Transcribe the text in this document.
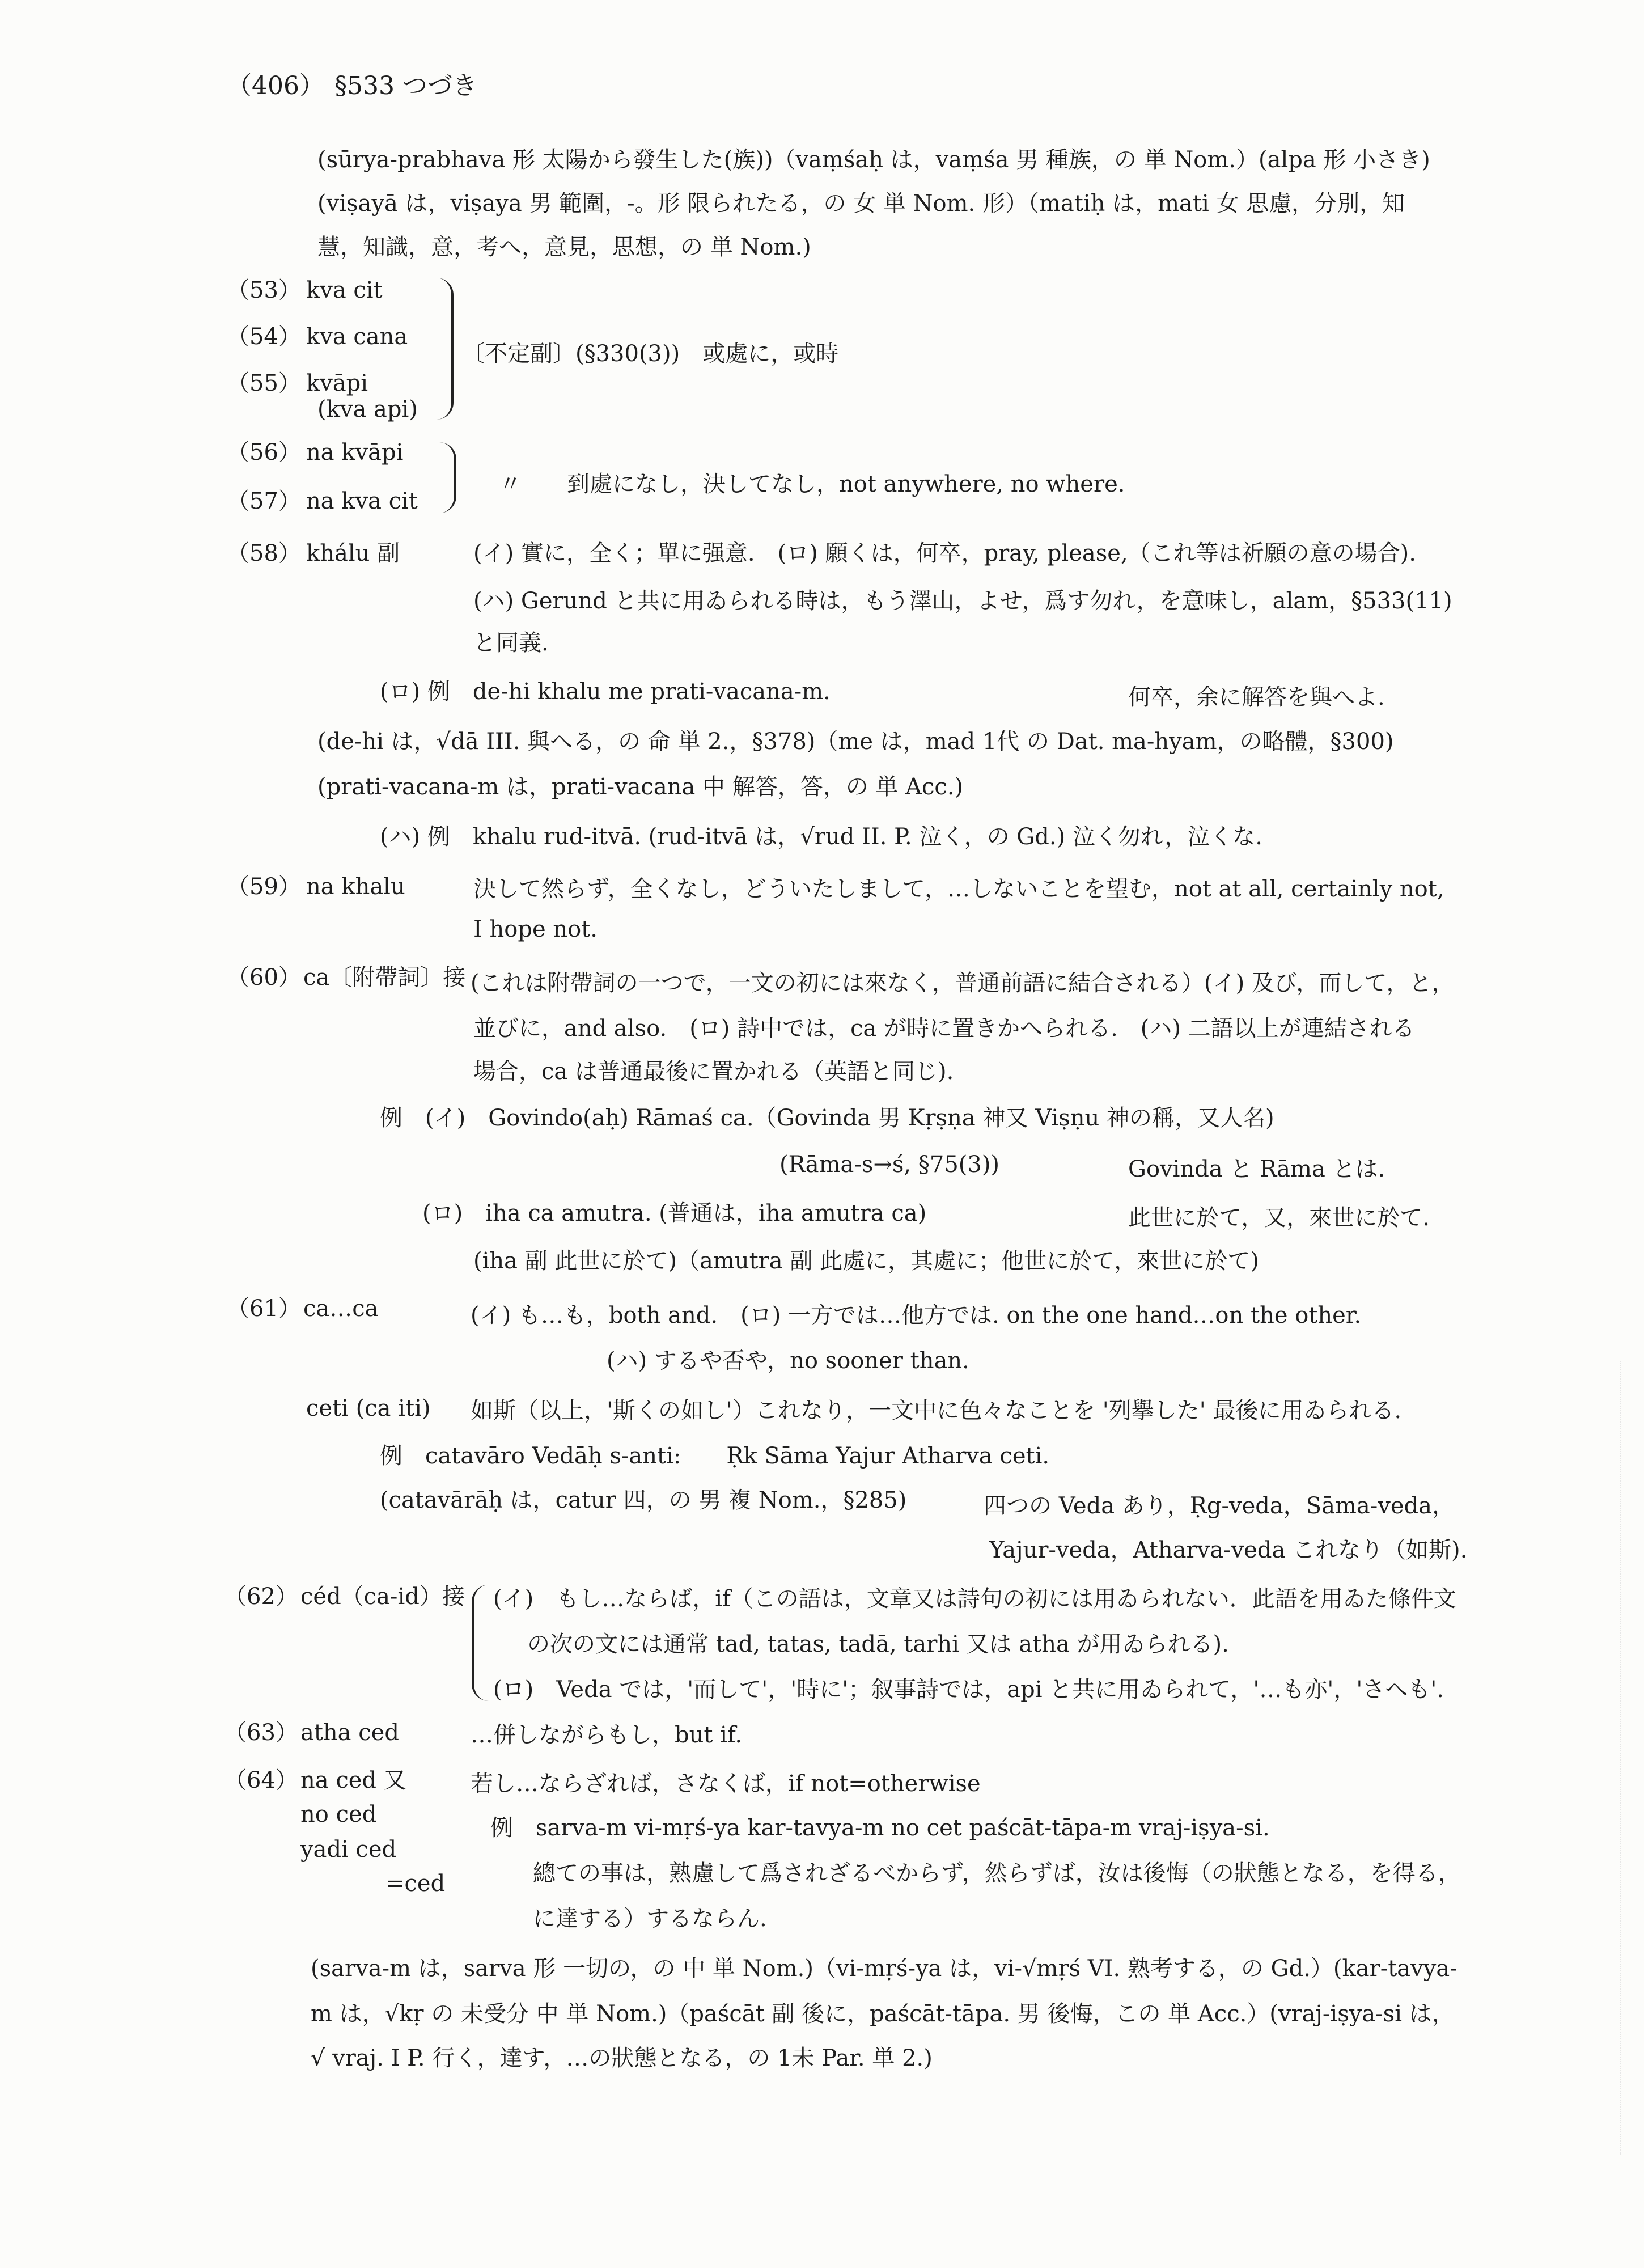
（406） §533 つづき
(sūrya-prabhava 形 太陽から發生した(族))（vaṃśaḥ は，vaṃśa 男 種族，の 単 Nom.）(alpa 形 小さき)
(viṣayā は，viṣaya 男 範圍，-。形 限られたる，の 女 単 Nom. 形）（matiḥ は，mati 女 思慮，分別，知
慧，知識，意，考へ，意見，思想，の 単 Nom.)
（53） kva cit
（54） kva cana
（55） kvāpi
(kva api)
〔不定副〕(§330(3))　或處に，或時
（56） na kvāpi
（57） na kva cit
〃　　到處になし，決してなし，not anywhere, no where.
（58） khálu 副	(イ) 實に，全く；單に强意.　(ロ) 願くは，何卒，pray, please,（これ等は祈願の意の場合).
(ハ) Gerund と共に用ゐられる時は，もう澤山，よせ，爲す勿れ，を意味し，alam，§533(11)
と同義.
(ロ) 例　de-hi khalu me prati-vacana-m.	何卒，余に解答を與へよ.
(de-hi は，√dā III. 與へる，の 命 単 2.，§378)（me は，mad 1代 の Dat. ma-hyam，の略體，§300)
(prati-vacana-m は，prati-vacana 中 解答，答，の 単 Acc.)
(ハ) 例　khalu rud-itvā. (rud-itvā は，√rud II. P. 泣く，の Gd.) 泣く勿れ，泣くな.
（59） na khalu	決して然らず，全くなし，どういたしまして，…しないことを望む，not at all, certainly not,
I hope not.
（60） ca〔附帶詞〕接 (これは附帶詞の一つで，一文の初には來なく，普通前語に結合される）(イ) 及び，而して，と，
並びに，and also.　(ロ) 詩中では，ca が時に置きかへられる.　(ハ) 二語以上が連結される
場合，ca は普通最後に置かれる（英語と同じ).
例　(イ)　Govindo(aḥ) Rāmaś ca.（Govinda 男 Kṛṣṇa 神又 Viṣṇu 神の稱，又人名)
(Rāma-s→ś, §75(3))	Govinda と Rāma とは.
(ロ)　iha ca amutra. (普通は，iha amutra ca)	此世に於て，又，來世に於て.
(iha 副 此世に於て)（amutra 副 此處に，其處に；他世に於て，來世に於て)
（61） ca…ca	(イ) も…も，both and.　(ロ) 一方では…他方では. on the one hand…on the other.
(ハ) するや否や，no sooner than.
ceti (ca iti) 如斯（以上，'斯くの如し'）これなり，一文中に色々なことを '列擧した' 最後に用ゐられる.
例　catavāro Vedāḥ s-anti:　　Ṛk Sāma Yajur Atharva ceti.
(catavārāḥ は，catur 四，の 男 複 Nom.，§285)	四つの Veda あり，Ṛg-veda，Sāma-veda，
Yajur-veda，Atharva-veda これなり（如斯).
（62） céd（ca-id）接 (イ)　もし…ならば，if（この語は，文章又は詩句の初には用ゐられない．此語を用ゐた條件文
の次の文には通常 tad, tatas, tadā, tarhi 又は atha が用ゐられる).
(ロ)　Veda では，'而して'，'時に'；叙事詩では，api と共に用ゐられて，'…も亦'，'さへも'.
（63） atha ced	…併しながらもし，but if.
（64） na ced 又
no ced
yadi ced
=ced
若し…ならざれば，さなくば，if not=otherwise
例　sarva-m vi-mṛś-ya kar-tavya-m no cet paścāt-tāpa-m vraj-iṣya-si.
總ての事は，熟慮して爲されざるべからず，然らずば，汝は後悔（の狀態となる，を得る，
に達する）するならん.
(sarva-m は，sarva 形 一切の，の 中 単 Nom.)（vi-mṛś-ya は，vi-√mṛś VI. 熟考する，の Gd.）(kar-tavya-
m は，√kṛ の 未受分 中 単 Nom.)（paścāt 副 後に，paścāt-tāpa. 男 後悔，この 単 Acc.）(vraj-iṣya-si は，
√ vraj. I P. 行く，達す，…の狀態となる，の 1未 Par. 単 2.)
